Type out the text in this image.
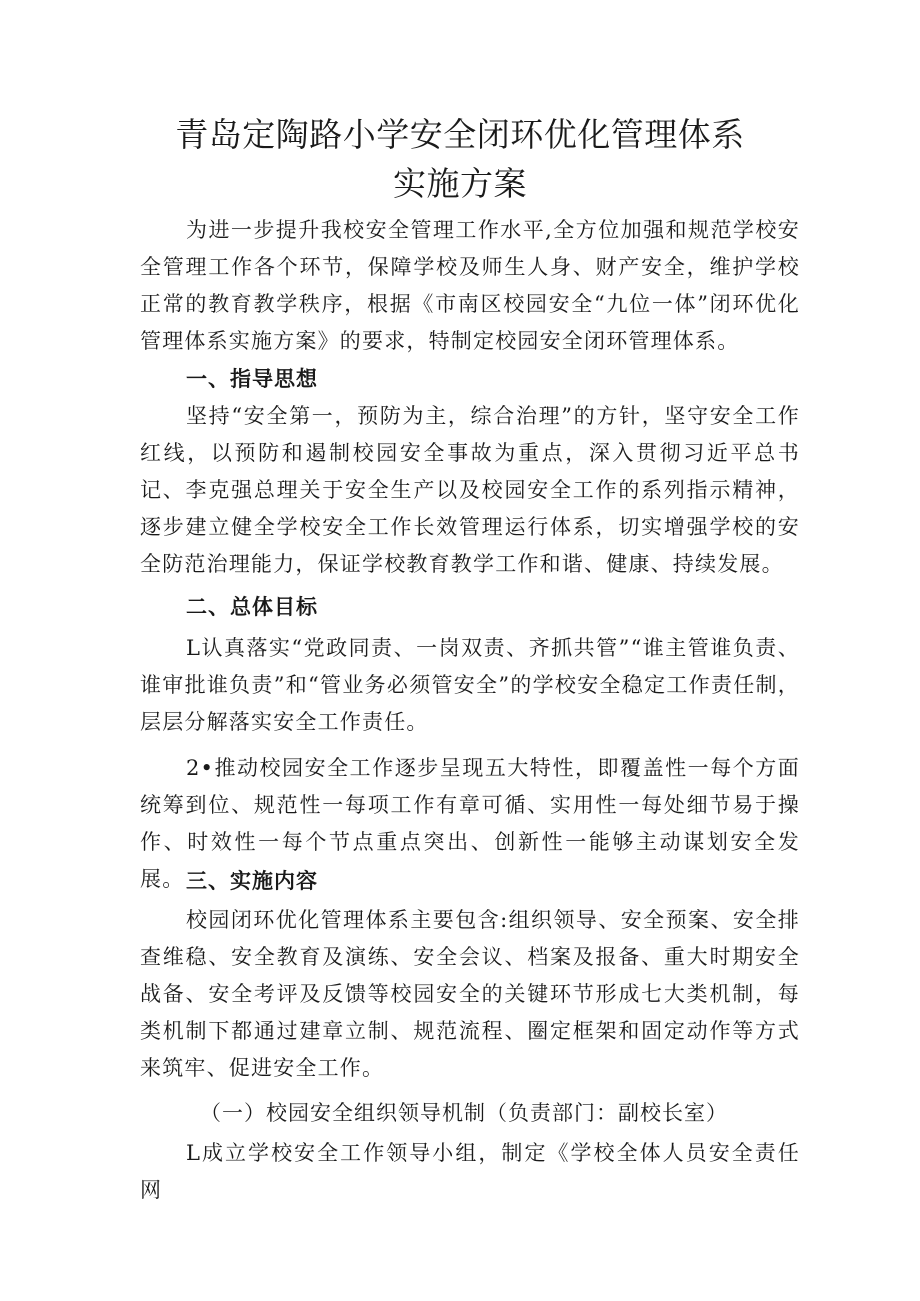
青岛定陶路小学安全闭环优化管理体系
实施方案

为进一步提升我校安全管理工作水平,全方位加强和规范学校安全管理工作各个环节，保障学校及师生人身、财产安全，维护学校正常的教育教学秩序，根据《市南区校园安全“九位一体”闭环优化管理体系实施方案》的要求，特制定校园安全闭环管理体系。

一、指导思想

坚持“安全第一，预防为主，综合治理”的方针，坚守安全工作红线，以预防和遏制校园安全事故为重点，深入贯彻习近平总书记、李克强总理关于安全生产以及校园安全工作的系列指示精神，逐步建立健全学校安全工作长效管理运行体系，切实增强学校的安全防范治理能力，保证学校教育教学工作和谐、健康、持续发展。

二、总体目标

L认真落实“党政同责、一岗双责、齐抓共管”“谁主管谁负责、谁审批谁负责”和“管业务必须管安全”的学校安全稳定工作责任制，层层分解落实安全工作责任。

2•推动校园安全工作逐步呈现五大特性，即覆盖性一每个方面统筹到位、规范性一每项工作有章可循、实用性一每处细节易于操作、时效性一每个节点重点突出、创新性一能够主动谋划安全发展。 三、实施内容

校园闭环优化管理体系主要包含:组织领导、安全预案、安全排查维稳、安全教育及演练、安全会议、档案及报备、重大时期安全战备、安全考评及反馈等校园安全的关键环节形成七大类机制，每类机制下都通过建章立制、规范流程、圈定框架和固定动作等方式来筑牢、促进安全工作。

（一）校园安全组织领导机制（负责部门：副校长室）

L成立学校安全工作领导小组，制定《学校全体人员安全责任网
